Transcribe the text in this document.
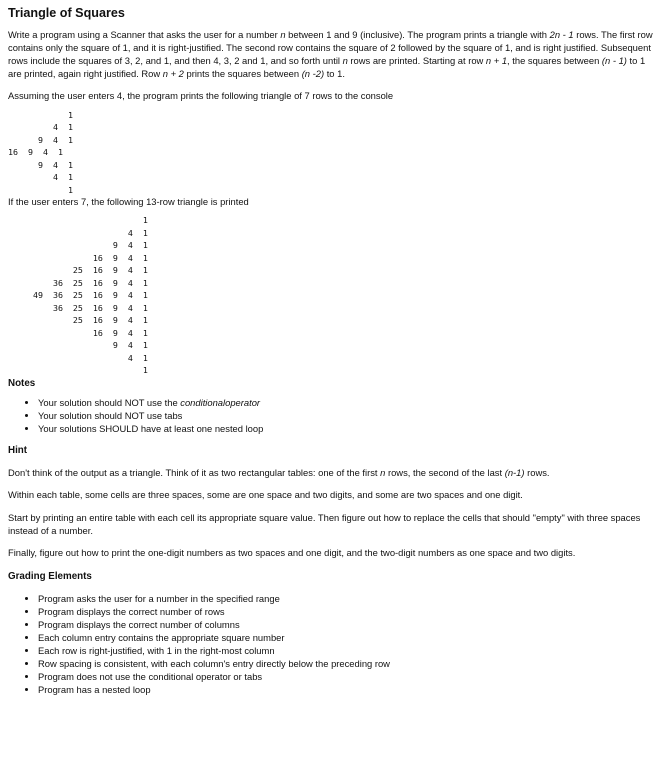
Triangle of Squares

Write a program using a Scanner that asks the user for a number n between 1 and 9 (inclusive). The program prints a triangle with 2n - 1 rows. The first row contains only the square of 1, and it is right-justified. The second row contains the square of 2 followed by the square of 1, and is right justified. Subsequent rows include the squares of 3, 2, and 1, and then 4, 3, 2 and 1, and so forth until n rows are printed. Starting at row n + 1, the squares between (n - 1) to 1 are printed, again right justified. Row n + 2 prints the squares between (n -2) to 1.

Assuming the user enters 4, the program prints the following triangle of 7 rows to the console

1
4  1
9  4  1
16  9  4  1
9  4  1
4  1
1

If the user enters 7, the following 13-row triangle is printed

1
4  1
9  4  1
16  9  4  1
25  16  9  4  1
36  25  16  9  4  1
49  36  25  16  9  4  1
36  25  16  9  4  1
25  16  9  4  1
16  9  4  1
9  4  1
4  1
1
Notes
• Your solution should NOT use the conditionaloperator
• Your solution should NOT use tabs
• Your solutions SHOULD have at least one nested loop
Hint

Don't think of the output as a triangle. Think of it as two rectangular tables: one of the first n rows, the second of the last (n-1) rows.

Within each table, some cells are three spaces, some are one space and two digits, and some are two spaces and one digit.

Start by printing an entire table with each cell its appropriate square value. Then figure out how to replace the cells that should "empty" with three spaces instead of a number.

Finally, figure out how to print the one-digit numbers as two spaces and one digit, and the two-digit numbers as one space and two digits.

Grading Elements
• Program asks the user for a number in the specified range
• Program displays the correct number of rows
• Program displays the correct number of columns
• Each column entry contains the appropriate square number
• Each row is right-justified, with 1 in the right-most column
• Row spacing is consistent, with each column's entry directly below the preceding row
• Program does not use the conditional operator or tabs
• Program has a nested loop
